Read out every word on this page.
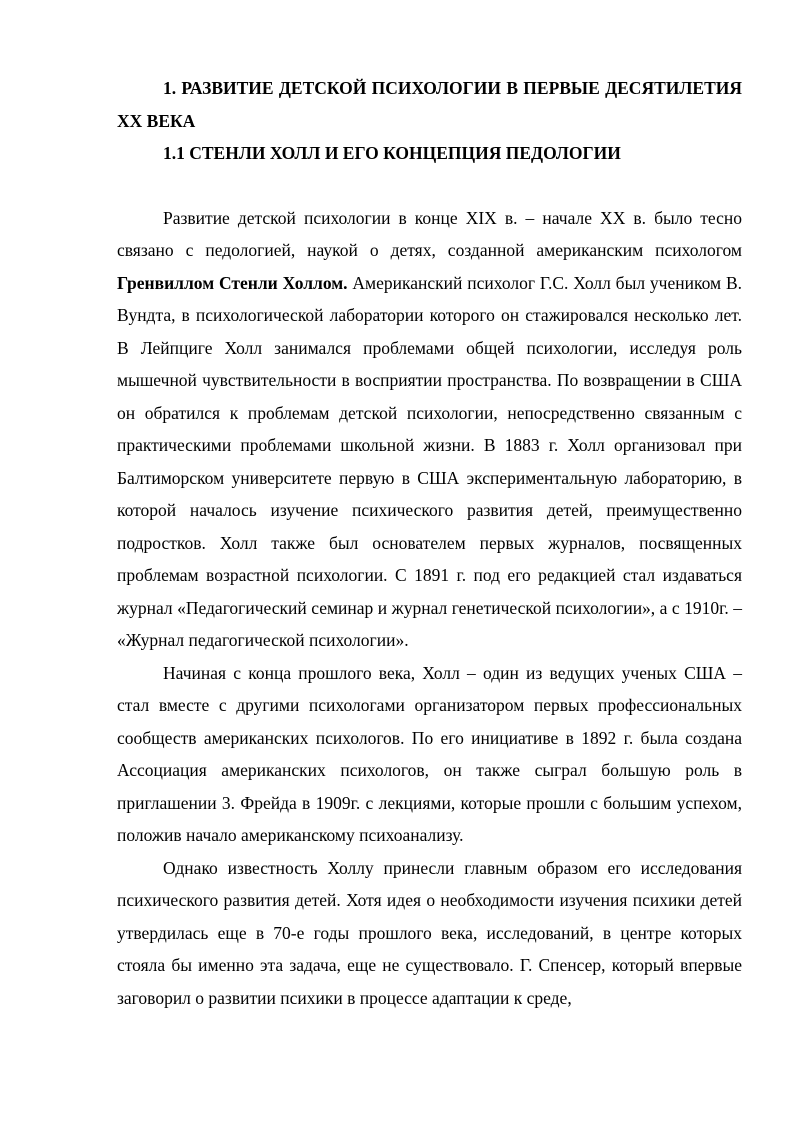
1. РАЗВИТИЕ ДЕТСКОЙ ПСИХОЛОГИИ В ПЕРВЫЕ ДЕСЯТИЛЕТИЯ XX ВЕКА

1.1 СТЕНЛИ ХОЛЛ И ЕГО КОНЦЕПЦИЯ ПЕДОЛОГИИ

Развитие детской психологии в конце XIX в. – начале XX в. было тесно связано с педологией, наукой о детях, созданной американским психологом Гренвиллом Стенли Холлом. Американский психолог Г.С. Холл был учеником В. Вундта, в психологической лаборатории которого он стажировался несколько лет. В Лейпциге Холл занимался проблемами общей психологии, исследуя роль мышечной чувствительности в восприятии пространства. По возвращении в США он обратился к проблемам детской психологии, непосредственно связанным с практическими проблемами школьной жизни. В 1883 г. Холл организовал при Балтиморском университете первую в США экспериментальную лабораторию, в которой началось изучение психического развития детей, преимущественно подростков. Холл также был основателем первых журналов, посвященных проблемам возрастной психологии. С 1891 г. под его редакцией стал издаваться журнал «Педагогический семинар и журнал генетической психологии», а с 1910г. – «Журнал педагогической психологии».

Начиная с конца прошлого века, Холл – один из ведущих ученых США – стал вместе с другими психологами организатором первых профессиональных сообществ американских психологов. По его инициативе в 1892 г. была создана Ассоциация американских психологов, он также сыграл большую роль в приглашении 3. Фрейда в 1909г. с лекциями, которые прошли с большим успехом, положив начало американскому психоанализу.

Однако известность Холлу принесли главным образом его исследования психического развития детей. Хотя идея о необходимости изучения психики детей утвердилась еще в 70-е годы прошлого века, исследований, в центре которых стояла бы именно эта задача, еще не существовало. Г. Спенсер, который впервые заговорил о развитии психики в процессе адаптации к среде,
